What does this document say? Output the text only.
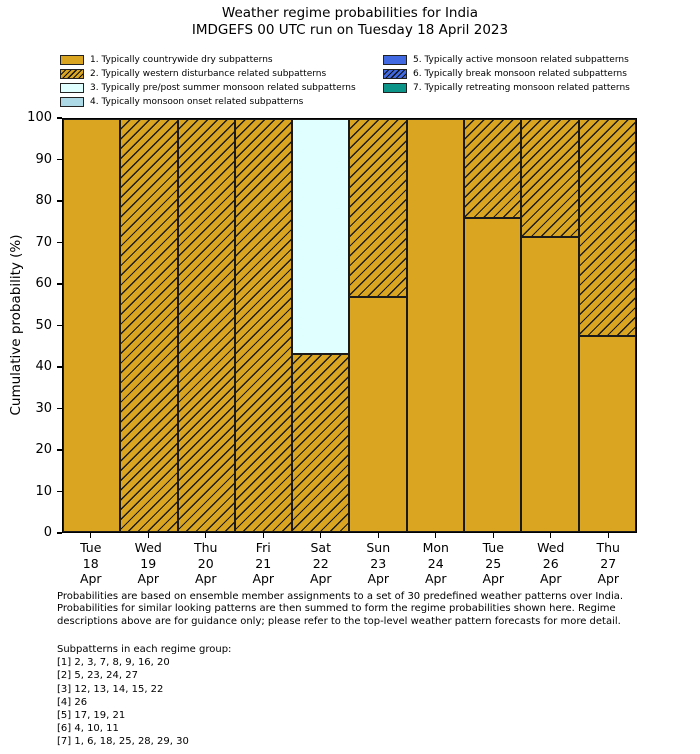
Weather regime probabilities for India
IMDGEFS 00 UTC run on Tuesday 18 April 2023
1. Typically countrywide dry subpatterns
2. Typically western disturbance related subpatterns
3. Typically pre/post summer monsoon related subpatterns
4. Typically monsoon onset related subpatterns
5. Typically active monsoon related subpatterns
6. Typically break monsoon related subpatterns
7. Typically retreating monsoon related patterns
0
10
20
30
40
50
60
70
80
90
100
Cumulative probability (%)
Tue
18
Apr
Wed
19
Apr
Thu
20
Apr
Fri
21
Apr
Sat
22
Apr
Sun
23
Apr
Mon
24
Apr
Tue
25
Apr
Wed
26
Apr
Thu
27
Apr
Probabilities are based on ensemble member assignments to a set of 30 predefined weather patterns over India.
Probabilities for similar looking patterns are then summed to form the regime probabilities shown here. Regime
descriptions above are for guidance only; please refer to the top-level weather pattern forecasts for more detail.
Subpatterns in each regime group:
[1] 2, 3, 7, 8, 9, 16, 20
[2] 5, 23, 24, 27
[3] 12, 13, 14, 15, 22
[4] 26
[5] 17, 19, 21
[6] 4, 10, 11
[7] 1, 6, 18, 25, 28, 29, 30
